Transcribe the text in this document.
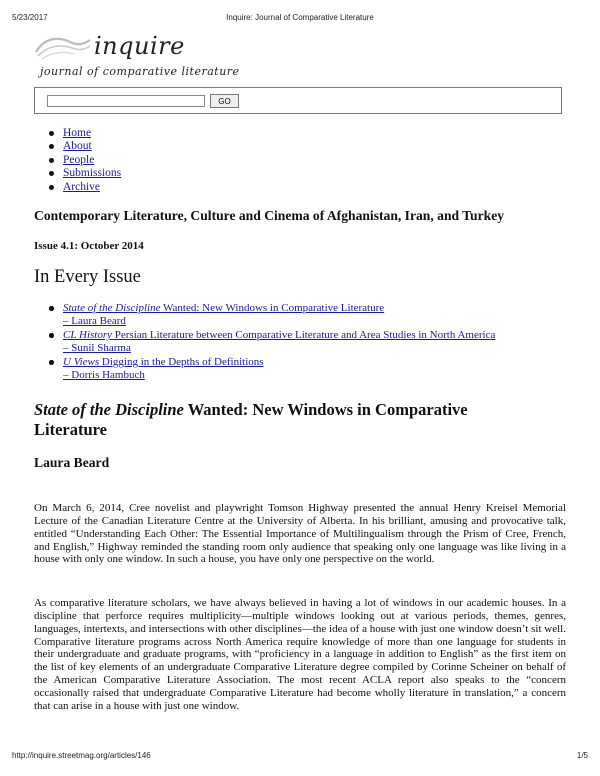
5/23/2017	Inquire: Journal of Comparative Literature
inquire
journal of comparative literature
GO
Home
About
People
Submissions
Archive
Contemporary Literature, Culture and Cinema of Afghanistan, Iran, and Turkey
Issue 4.1: October 2014
In Every Issue
State of the Discipline Wanted: New Windows in Comparative Literature
– Laura Beard
CL History Persian Literature between Comparative Literature and Area Studies in North America
– Sunil Sharma
U Views Digging in the Depths of Definitions
– Dorris Hambuch
State of the Discipline Wanted: New Windows in Comparative Literature
Laura Beard

On March 6, 2014, Cree novelist and playwright Tomson Highway presented the annual Henry Kreisel Memorial Lecture of the Canadian Literature Centre at the University of Alberta. In his brilliant, amusing and provocative talk, entitled “Understanding Each Other: The Essential Importance of Multilingualism through the Prism of Cree, French, and English,” Highway reminded the standing room only audience that speaking only one language was like living in a house with only one window. In such a house, you have only one perspective on the world.

As comparative literature scholars, we have always believed in having a lot of windows in our academic houses. In a discipline that perforce requires multiplicity—multiple windows looking out at various periods, themes, genres, languages, intertexts, and intersections with other disciplines—the idea of a house with just one window doesn’t sit well. Comparative literature programs across North America require knowledge of more than one language for students in their undergraduate and graduate programs, with “proficiency in a language in addition to English” as the first item on the list of key elements of an undergraduate Comparative Literature degree compiled by Corinne Scheiner on behalf of the American Comparative Literature Association. The most recent ACLA report also speaks to the “concern occasionally raised that undergraduate Comparative Literature had become wholly literature in translation,” a concern that can arise in a house with just one window.

http://inquire.streetmag.org/articles/146	1/5
